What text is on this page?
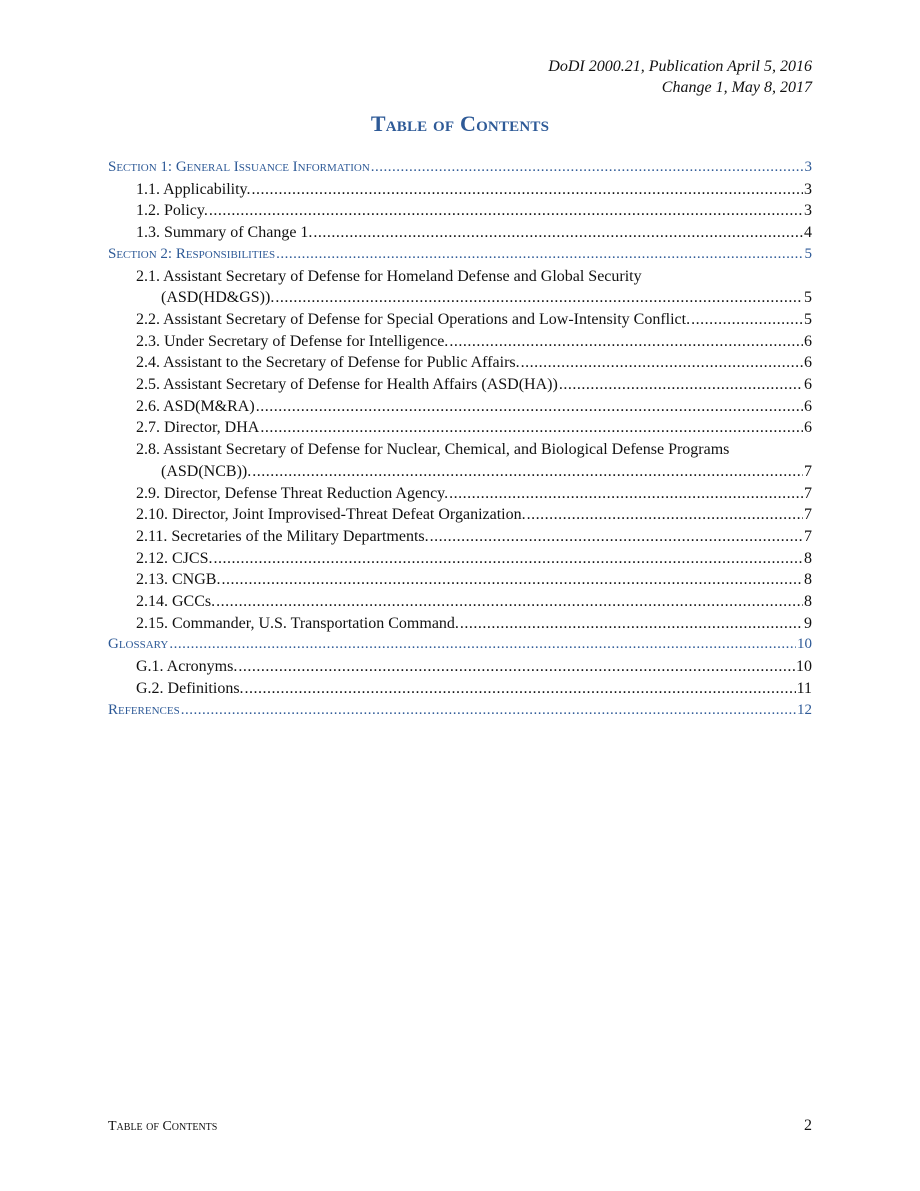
DoDI 2000.21, Publication April 5, 2016
Change 1, May 8, 2017
Table of Contents
Section 1: General Issuance Information .....	3
1.1. Applicability. .....	3
1.2. Policy. .....	3
1.3. Summary of Change 1. .....	4
Section 2: Responsibilities .....	5
2.1. Assistant Secretary of Defense for Homeland Defense and Global Security
(ASD(HD&GS)). .....	5
2.2. Assistant Secretary of Defense for Special Operations and Low-Intensity Conflict. .....	5
2.3. Under Secretary of Defense for Intelligence. .....	6
2.4. Assistant to the Secretary of Defense for Public Affairs. .....	6
2.5. Assistant Secretary of Defense for Health Affairs (ASD(HA)) .....	6
2.6. ASD(M&RA) .....	6
2.7. Director, DHA .....	6
2.8. Assistant Secretary of Defense for Nuclear, Chemical, and Biological Defense Programs
(ASD(NCB)). .....	7
2.9. Director, Defense Threat Reduction Agency. .....	7
2.10. Director, Joint Improvised-Threat Defeat Organization. .....	7
2.11. Secretaries of the Military Departments. .....	7
2.12. CJCS. .....	8
2.13. CNGB. .....	8
2.14. GCCs. .....	8
2.15. Commander, U.S. Transportation Command. .....	9
Glossary .....	10
G.1. Acronyms. .....	10
G.2. Definitions. .....	11
References .....	12
Table of Contents	2
